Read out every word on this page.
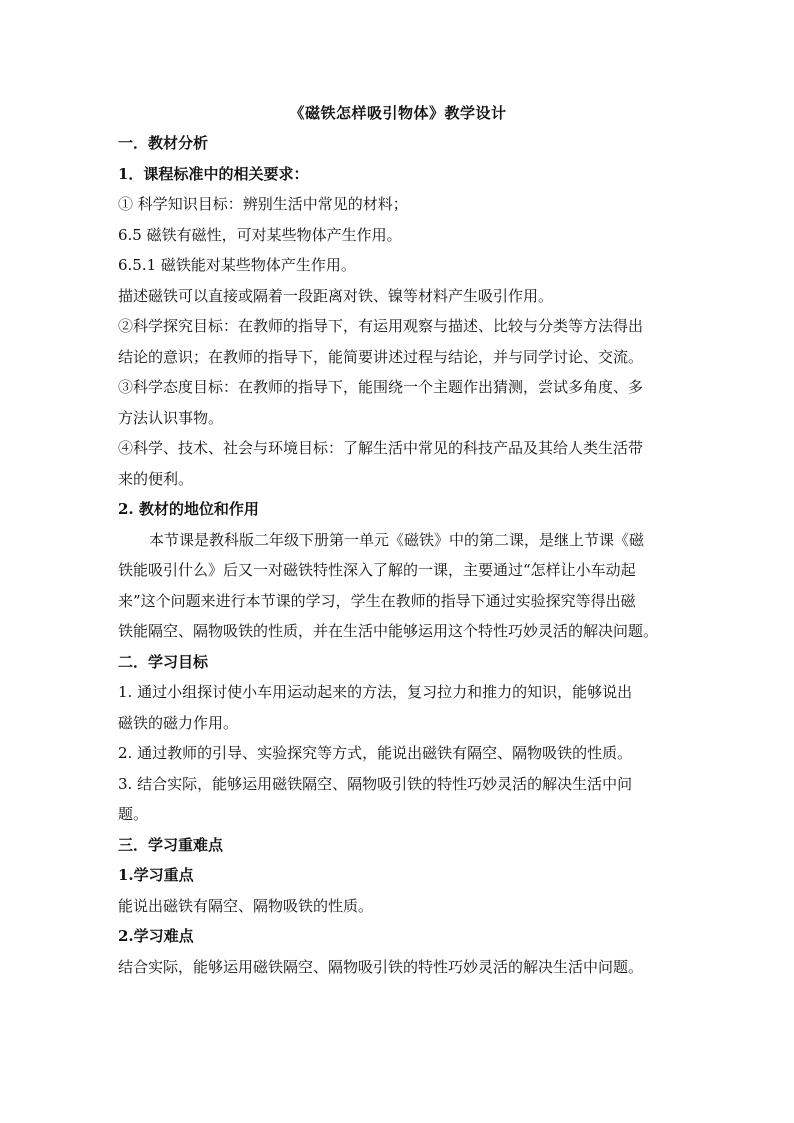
《磁铁怎样吸引物体》教学设计

一．教材分析

1．课程标准中的相关要求：

① 科学知识目标：辨别生活中常见的材料；

6.5 磁铁有磁性，可对某些物体产生作用。

6.5.1 磁铁能对某些物体产生作用。

描述磁铁可以直接或隔着一段距离对铁、镍等材料产生吸引作用。

②科学探究目标：在教师的指导下，有运用观察与描述、比较与分类等方法得出

结论的意识；在教师的指导下，能简要讲述过程与结论，并与同学讨论、交流。

③科学态度目标：在教师的指导下，能围绕一个主题作出猜测，尝试多角度、多

方法认识事物。

④科学、技术、社会与环境目标：了解生活中常见的科技产品及其给人类生活带

来的便利。

2. 教材的地位和作用

本节课是教科版二年级下册第一单元《磁铁》中的第二课，是继上节课《磁

铁能吸引什么》后又一对磁铁特性深入了解的一课，主要通过“怎样让小车动起

来”这个问题来进行本节课的学习，学生在教师的指导下通过实验探究等得出磁

铁能隔空、隔物吸铁的性质，并在生活中能够运用这个特性巧妙灵活的解决问题。

二．学习目标

1. 通过小组探讨使小车用运动起来的方法，复习拉力和推力的知识，能够说出

磁铁的磁力作用。

2. 通过教师的引导、实验探究等方式，能说出磁铁有隔空、隔物吸铁的性质。

3. 结合实际，能够运用磁铁隔空、隔物吸引铁的特性巧妙灵活的解决生活中问

题。

三．学习重难点

1.学习重点

能说出磁铁有隔空、隔物吸铁的性质。

2.学习难点

结合实际，能够运用磁铁隔空、隔物吸引铁的特性巧妙灵活的解决生活中问题。
